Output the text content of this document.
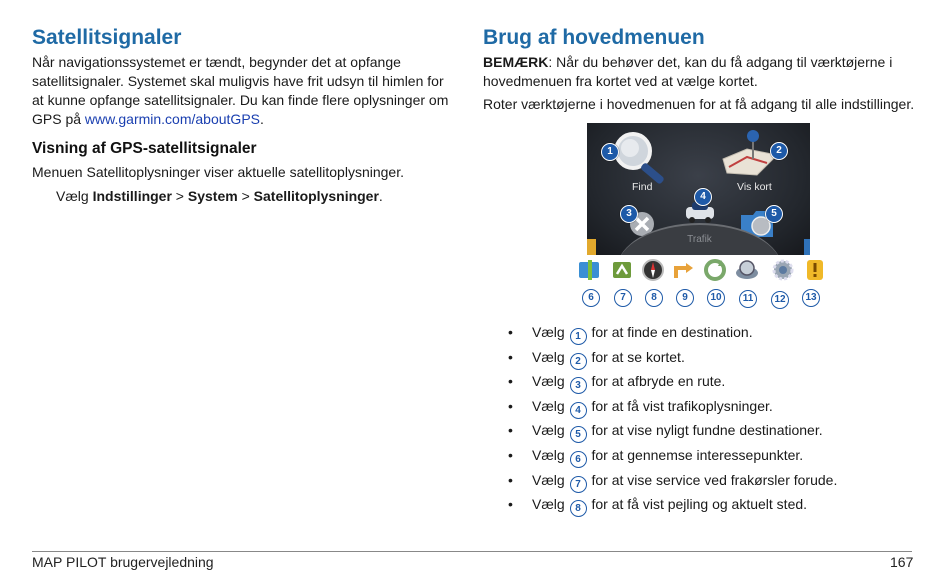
Satellitsignaler

Når navigationssystemet er tændt, begynder det at opfange satellitsignaler. Systemet skal muligvis have frit udsyn til himlen for at kunne opfange satellitsignaler. Du kan finde flere oplysninger om GPS på www.garmin.com/aboutGPS.

Visning af GPS-satellitsignaler

Menuen Satellitoplysninger viser aktuelle satellitoplysninger.

Vælg Indstillinger > System > Satellitoplysninger.

Brug af hovedmenuen

BEMÆRK: Når du behøver det, kan du få adgang til værktøjerne i hovedmenuen fra kortet ved at vælge kortet.

Roter værktøjerne i hovedmenuen for at få adgang til alle indstillinger.

Find	Vis kort
Trafik
1	2
3
4
5
6	7	8	9	10	11	12	13
• Vælg 1 for at finde en destination.
• Vælg 2 for at se kortet.
• Vælg 3 for at afbryde en rute.
• Vælg 4 for at få vist trafikoplysninger.
• Vælg 5 for at vise nyligt fundne destinationer.
• Vælg 6 for at gennemse interessepunkter.
• Vælg 7 for at vise service ved frakørsler forude.
• Vælg 8 for at få vist pejling og aktuelt sted.
MAP PILOT brugervejledning	167
